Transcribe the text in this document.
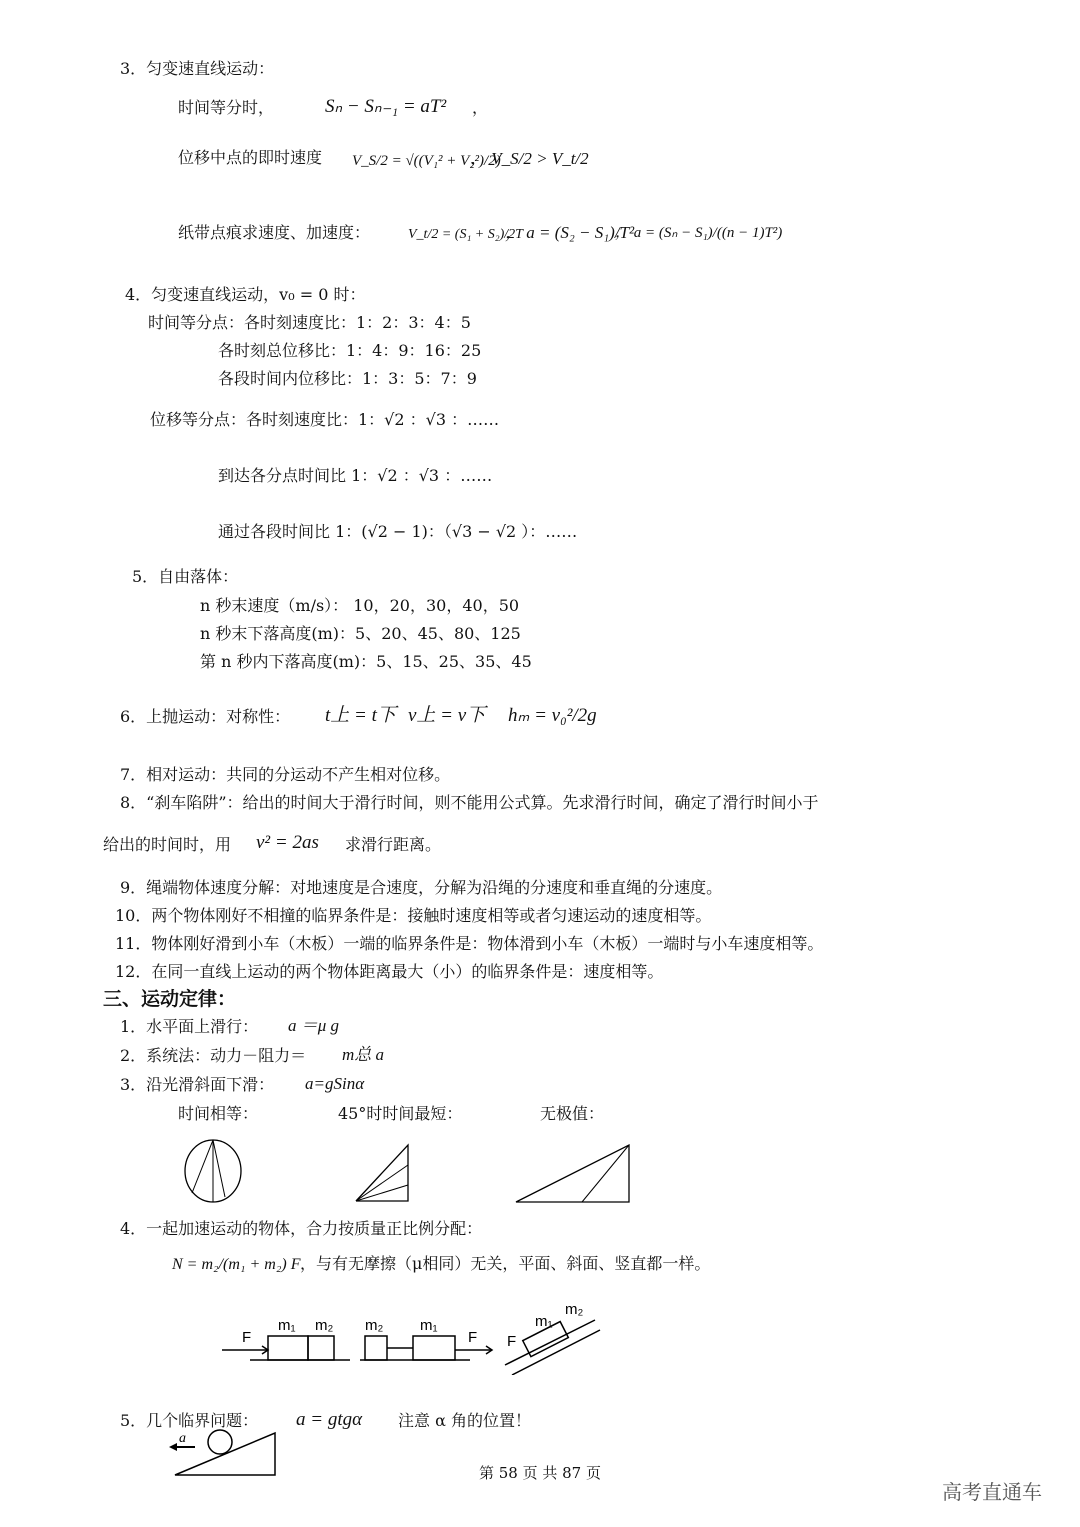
3．匀变速直线运动：
时间等分时，	Sₙ − Sₙ₋₁ = aT² ，
位移中点的即时速度 V_S/2 = √((V₁² + V₂²)/2)
， V_S/2 > V_t/2
纸带点痕求速度、加速度：	V_t/2 = (S₁ + S₂)/2T
， a = (S₂ − S₁)/T²
， a = (Sₙ − S₁)/((n − 1)T²)
4．匀变速直线运动，v₀ = 0 时：
时间等分点：各时刻速度比：1：2：3：4：5
各时刻总位移比：1：4：9：16：25
各段时间内位移比：1：3：5：7：9
位移等分点：各时刻速度比：1：√2 ：√3 ：……
到达各分点时间比 1：√2 ：√3 ：……
通过各段时间比 1：(√2 − 1)：（√3 − √2 ）：……
5．自由落体：
n 秒末速度（m/s）： 10，20，30，40，50
n 秒末下落高度(m)：5、20、45、80、125
第 n 秒内下落高度(m)：5、15、25、35、45
6．上抛运动：对称性： t上 = t下 v上 = v下 hₘ = v₀²/2g
7．相对运动：共同的分运动不产生相对位移。
8．“刹车陷阱”：给出的时间大于滑行时间，则不能用公式算。先求滑行时间，确定了滑行时间小于
给出的时间时，用 v² = 2as 求滑行距离。
9．绳端物体速度分解：对地速度是合速度，分解为沿绳的分速度和垂直绳的分速度。
10．两个物体刚好不相撞的临界条件是：接触时速度相等或者匀速运动的速度相等。
11．物体刚好滑到小车（木板）一端的临界条件是：物体滑到小车（木板）一端时与小车速度相等。
12．在同一直线上运动的两个物体距离最大（小）的临界条件是：速度相等。
三、运动定律：
1．水平面上滑行： a ＝μ g
2．系统法：动力－阻力＝ m总 a
3．沿光滑斜面下滑： a=gSinα
时间相等：	45°时时间最短：	无极值：
4．一起加速运动的物体，合力按质量正比例分配：
N = m₂/(m₁ + m₂) F ，与有无摩擦（μ相同）无关，平面、斜面、竖直都一样。
F
m₁ m₂ m₂ m₁
F F
m₁
m₂
5．几个临界问题： a = gtgα 注意 α 角的位置！
a
第 58 页 共 87 页
高考直通车
